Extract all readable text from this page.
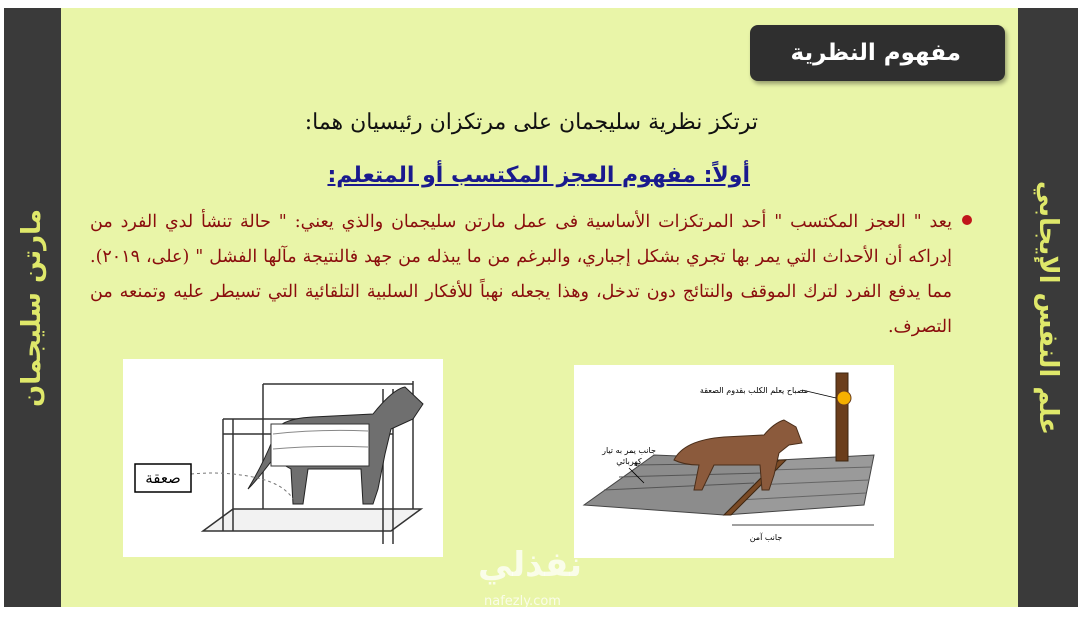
مارتن سليجمان	علم النفس الإيجابي
مفهوم النظرية
ترتكز نظرية سليجمان على مرتكزان رئيسيان هما:
أولاً: مفهوم العجز المكتسب أو المتعلم:
يعد " العجز المكتسب " أحد المرتكزات الأساسية فى عمل مارتن سليجمان والذي يعني: " حالة تنشأ لدي الفرد من إدراكه أن الأحداث التي يمر بها تجري بشكل إجباري، والبرغم من ما يبذله من جهد فالنتيجة مآلها الفشل " (على، ٢٠١٩). مما يدفع الفرد لترك الموقف والنتائج دون تدخل، وهذا يجعله نهباً للأفكار السلبية التلقائية التي تسيطر عليه وتمنعه من التصرف.
صعقة
مصباح يعلم الكلب بقدوم الصعقة
جانب يمر به تيار
كهربائي
جانب آمن
نفذلي
nafezly.com
